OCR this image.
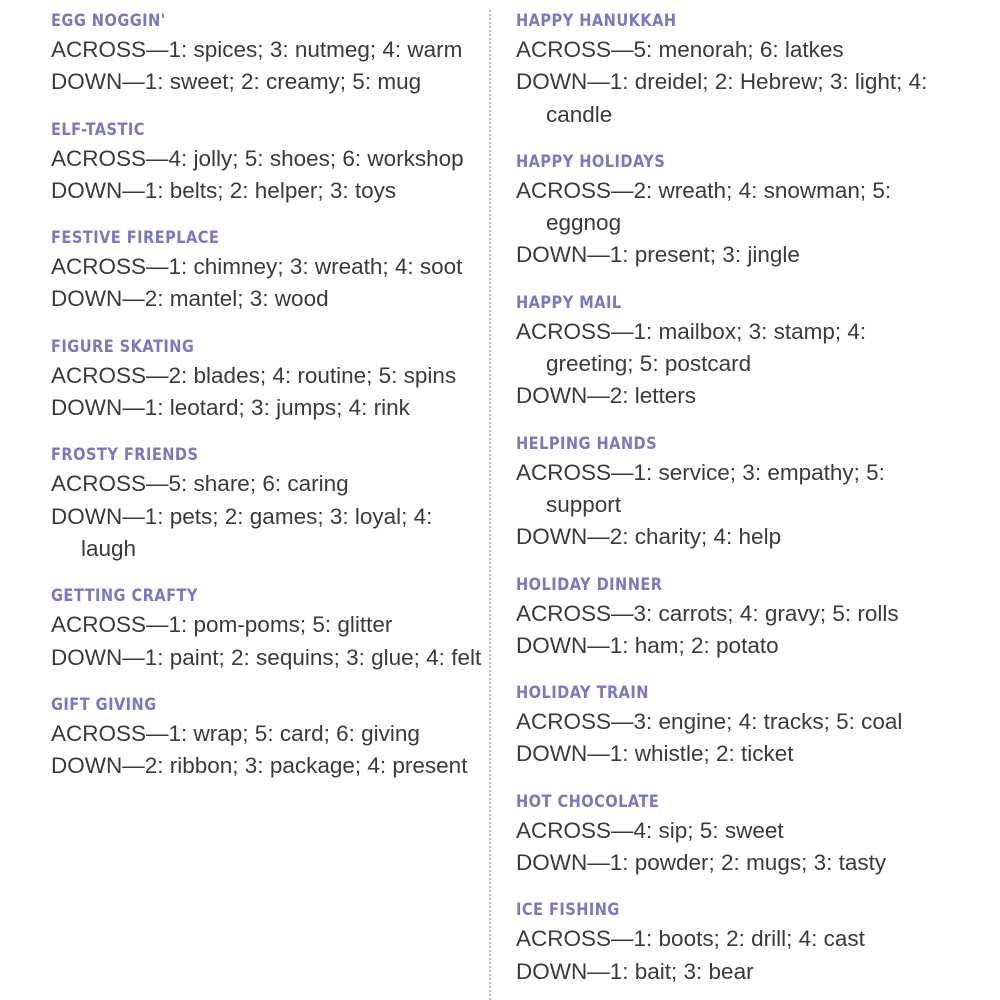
EGG NOGGIN'

ACROSS—1: spices; 3: nutmeg; 4: warm

DOWN—1: sweet; 2: creamy; 5: mug

ELF-TASTIC

ACROSS—4: jolly; 5: shoes; 6: workshop

DOWN—1: belts; 2: helper; 3: toys

FESTIVE FIREPLACE

ACROSS—1: chimney; 3: wreath; 4: soot

DOWN—2: mantel; 3: wood

FIGURE SKATING

ACROSS—2: blades; 4: routine; 5: spins

DOWN—1: leotard; 3: jumps; 4: rink

FROSTY FRIENDS

ACROSS—5: share; 6: caring

DOWN—1: pets; 2: games; 3: loyal; 4: laugh

GETTING CRAFTY

ACROSS—1: pom-poms; 5: glitter

DOWN—1: paint; 2: sequins; 3: glue; 4: felt

GIFT GIVING

ACROSS—1: wrap; 5: card; 6: giving

DOWN—2: ribbon; 3: package; 4: present

HAPPY HANUKKAH

ACROSS—5: menorah; 6: latkes

DOWN—1: dreidel; 2: Hebrew; 3: light; 4: candle

HAPPY HOLIDAYS

ACROSS—2: wreath; 4: snowman; 5: eggnog

DOWN—1: present; 3: jingle

HAPPY MAIL

ACROSS—1: mailbox; 3: stamp; 4: greeting; 5: postcard

DOWN—2: letters

HELPING HANDS

ACROSS—1: service; 3: empathy; 5: support

DOWN—2: charity; 4: help

HOLIDAY DINNER

ACROSS—3: carrots; 4: gravy; 5: rolls

DOWN—1: ham; 2: potato

HOLIDAY TRAIN

ACROSS—3: engine; 4: tracks; 5: coal

DOWN—1: whistle; 2: ticket

HOT CHOCOLATE

ACROSS—4: sip; 5: sweet

DOWN—1: powder; 2: mugs; 3: tasty

ICE FISHING

ACROSS—1: boots; 2: drill; 4: cast

DOWN—1: bait; 3: bear
